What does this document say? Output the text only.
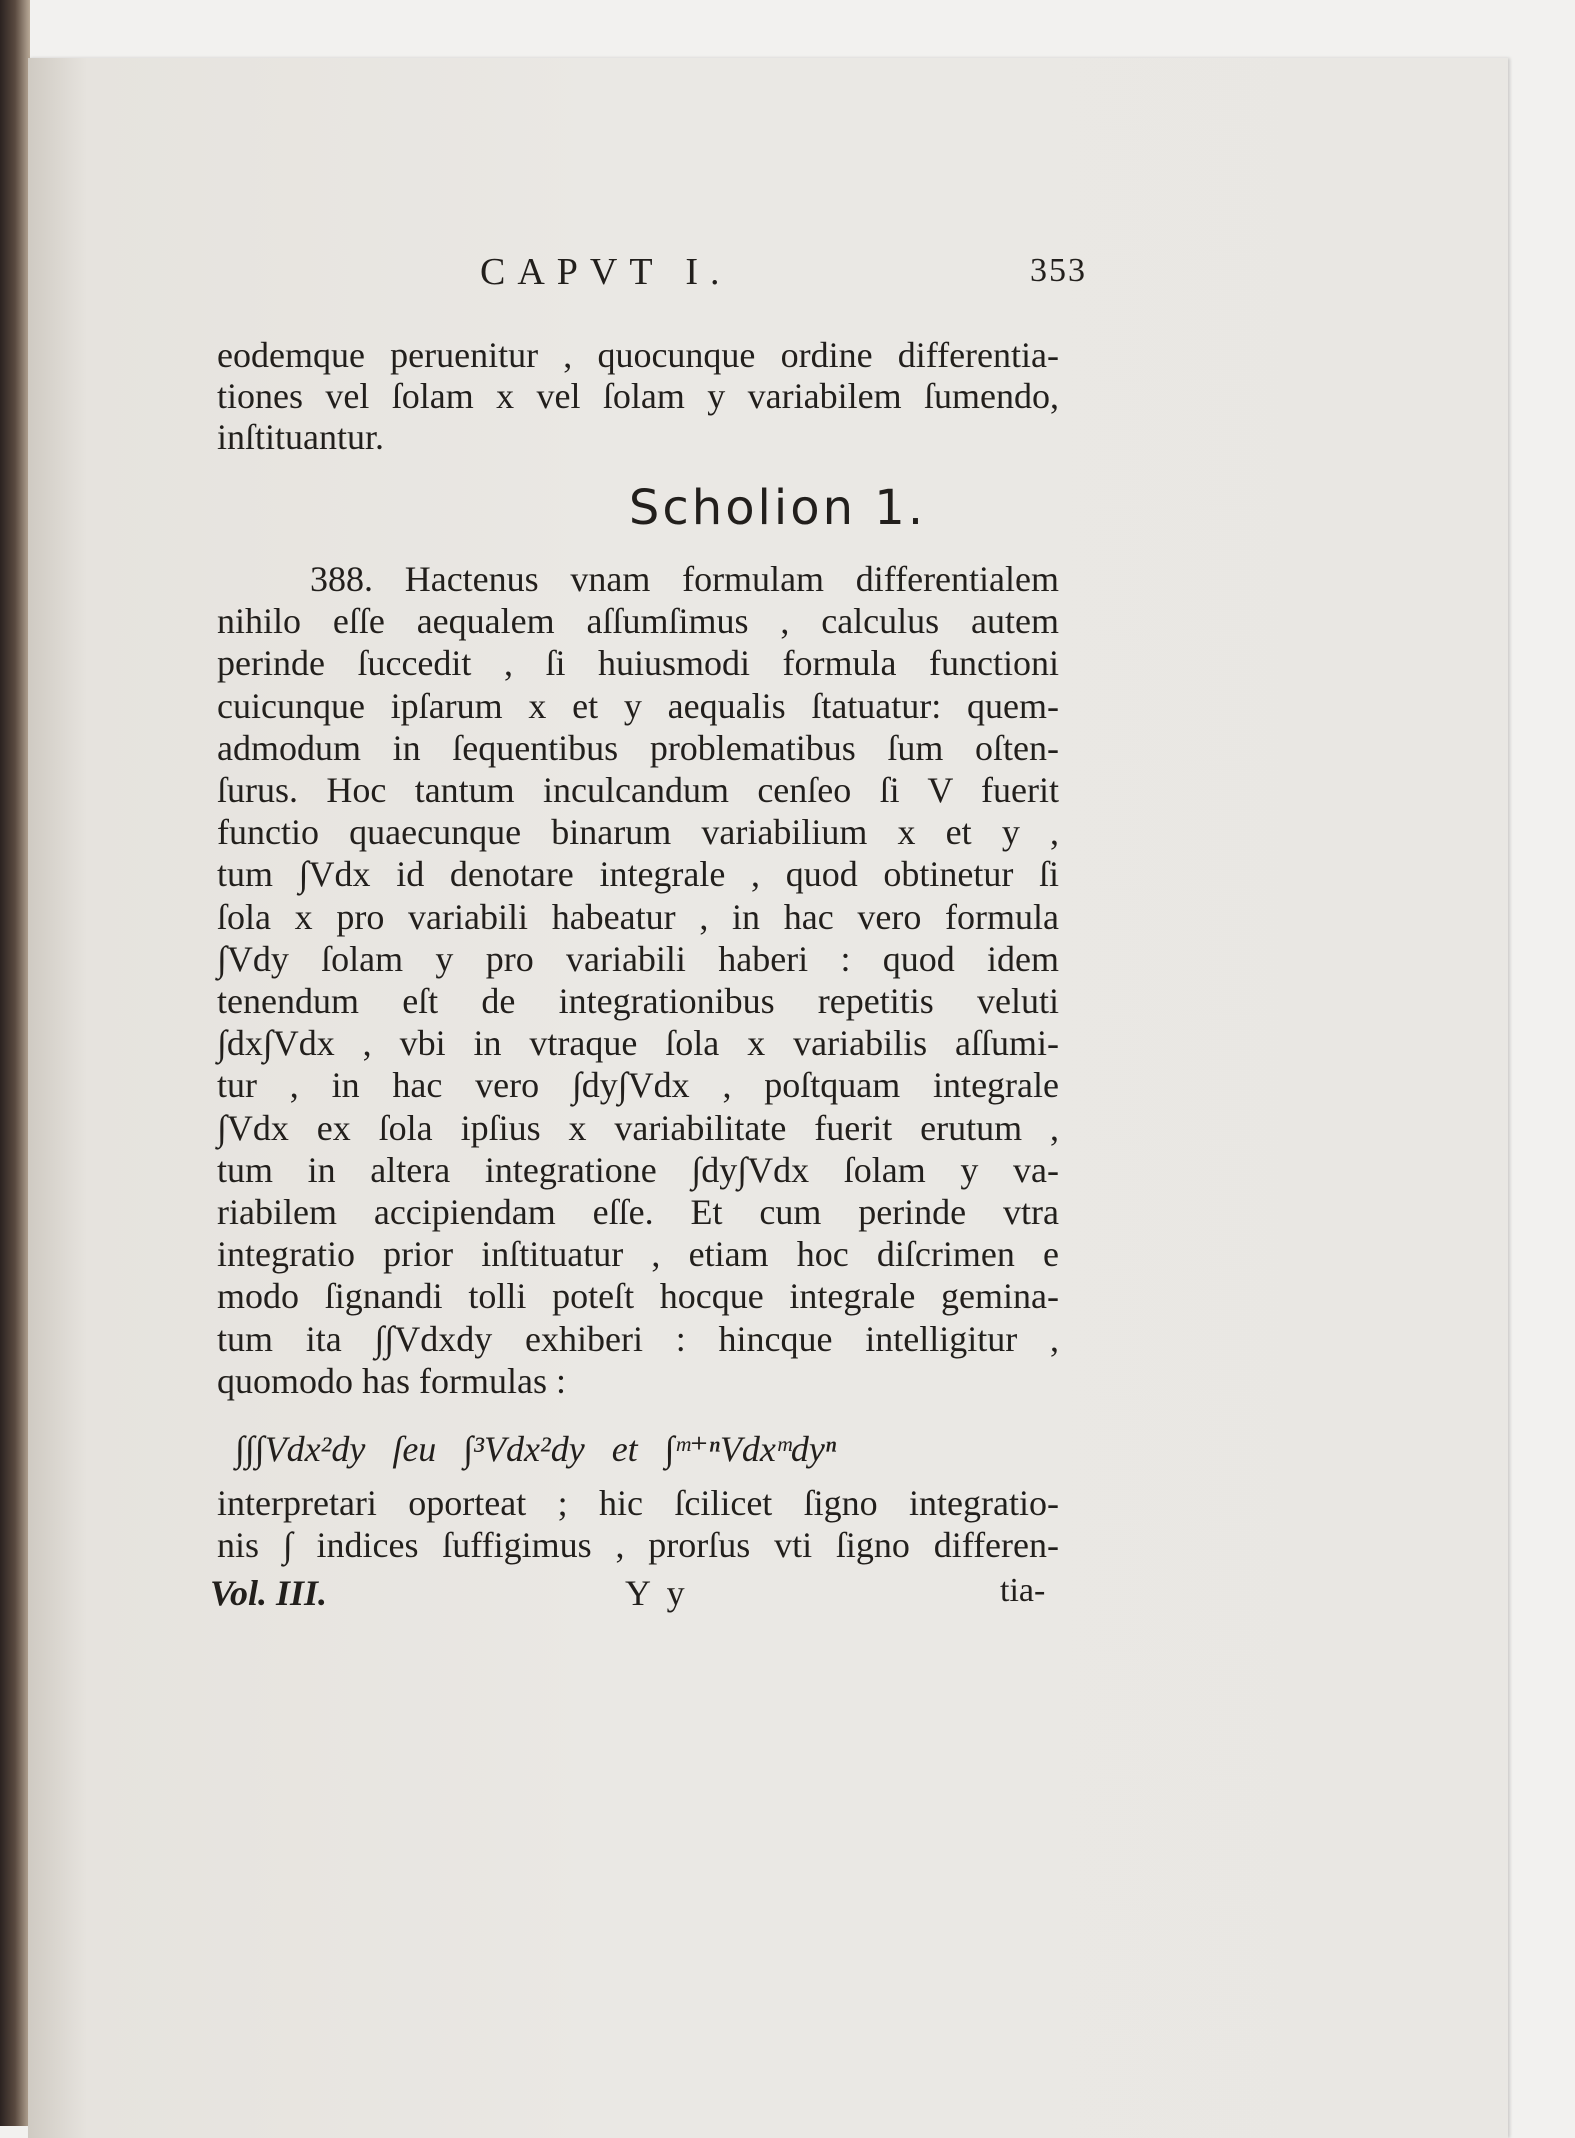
CAPVT I.	353
eodemque peruenitur , quocunque ordine differentia-
tiones vel ſolam x vel ſolam y variabilem ſumendo,
inſtituantur.
Scholion 1.
388. Hactenus vnam formulam differentialem
nihilo eſſe aequalem aſſumſimus , calculus autem
perinde ſuccedit , ſi huiusmodi formula functioni
cuicunque ipſarum x et y aequalis ſtatuatur: quem-
admodum in ſequentibus problematibus ſum oſten-
ſurus. Hoc tantum inculcandum cenſeo ſi V fuerit
functio quaecunque binarum variabilium x et y ,
tum ∫Vdx id denotare integrale , quod obtinetur ſi
ſola x pro variabili habeatur , in hac vero formula
∫Vdy ſolam y pro variabili haberi : quod idem
tenendum eſt de integrationibus repetitis veluti
∫dx∫Vdx , vbi in vtraque ſola x variabilis aſſumi-
tur , in hac vero ∫dy∫Vdx , poſtquam integrale
∫Vdx ex ſola ipſius x variabilitate fuerit erutum ,
tum in altera integratione ∫dy∫Vdx ſolam y va-
riabilem accipiendam eſſe. Et cum perinde vtra
integratio prior inſtituatur , etiam hoc diſcrimen e
modo ſignandi tolli poteſt hocque integrale gemina-
tum ita ∫∫Vdxdy exhiberi : hincque intelligitur ,
quomodo has formulas :
∫∫∫Vdx²dy ſeu ∫³Vdx²dy et ∫ᵐ⁺ⁿVdxᵐdyⁿ
interpretari oporteat ; hic ſcilicet ſigno integratio-
nis ∫ indices ſuffigimus , prorſus vti ſigno differen-
Vol. III.	Y y	tia-
